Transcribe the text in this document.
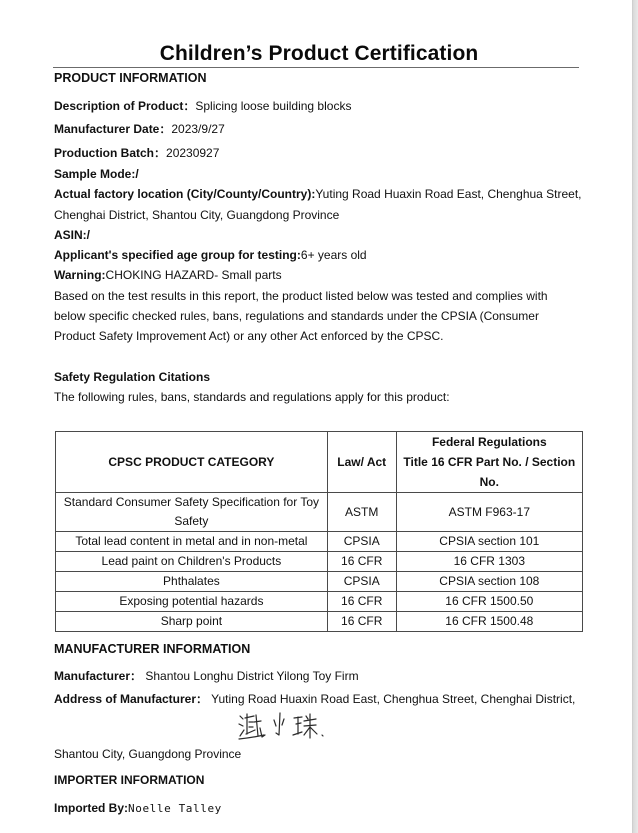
Children’s Product Certification
PRODUCT INFORMATION
Description of Product：Splicing loose building blocks
Manufacturer Date：2023/9/27
Production Batch：20230927
Sample Mode:/
Actual factory location (City/County/Country):Yuting Road Huaxin Road East, Chenghua Street,
Chenghai District, Shantou City, Guangdong Province
ASIN:/
Applicant's specified age group for testing:6+ years old
Warning:CHOKING HAZARD- Small parts
Based on the test results in this report, the product listed below was tested and complies with
below specific checked rules, bans, regulations and standards under the CPSIA (Consumer
Product Safety Improvement Act) or any other Act enforced by the CPSC.
Safety Regulation Citations
The following rules, bans, standards and regulations apply for this product:
CPSC PRODUCT CATEGORY	Law/ Act	Federal Regulations
Title 16 CFR Part No. / Section
No.

Standard Consumer Safety Specification for Toy
Safety	ASTM	ASTM F963-17
Total lead content in metal and in non-metal	CPSIA	CPSIA section 101
Lead paint on Children's Products	16 CFR	16 CFR 1303
Phthalates	CPSIA	CPSIA section 108
Exposing potential hazards	16 CFR	16 CFR 1500.50
Sharp point	16 CFR	16 CFR 1500.48
MANUFACTURER INFORMATION
Manufacturer： Shantou Longhu District Yilong Toy Firm
Address of Manufacturer： Yuting Road Huaxin Road East, Chenghua Street, Chenghai District,
Shantou City, Guangdong Province
IMPORTER INFORMATION
Imported By:Noelle Talley
